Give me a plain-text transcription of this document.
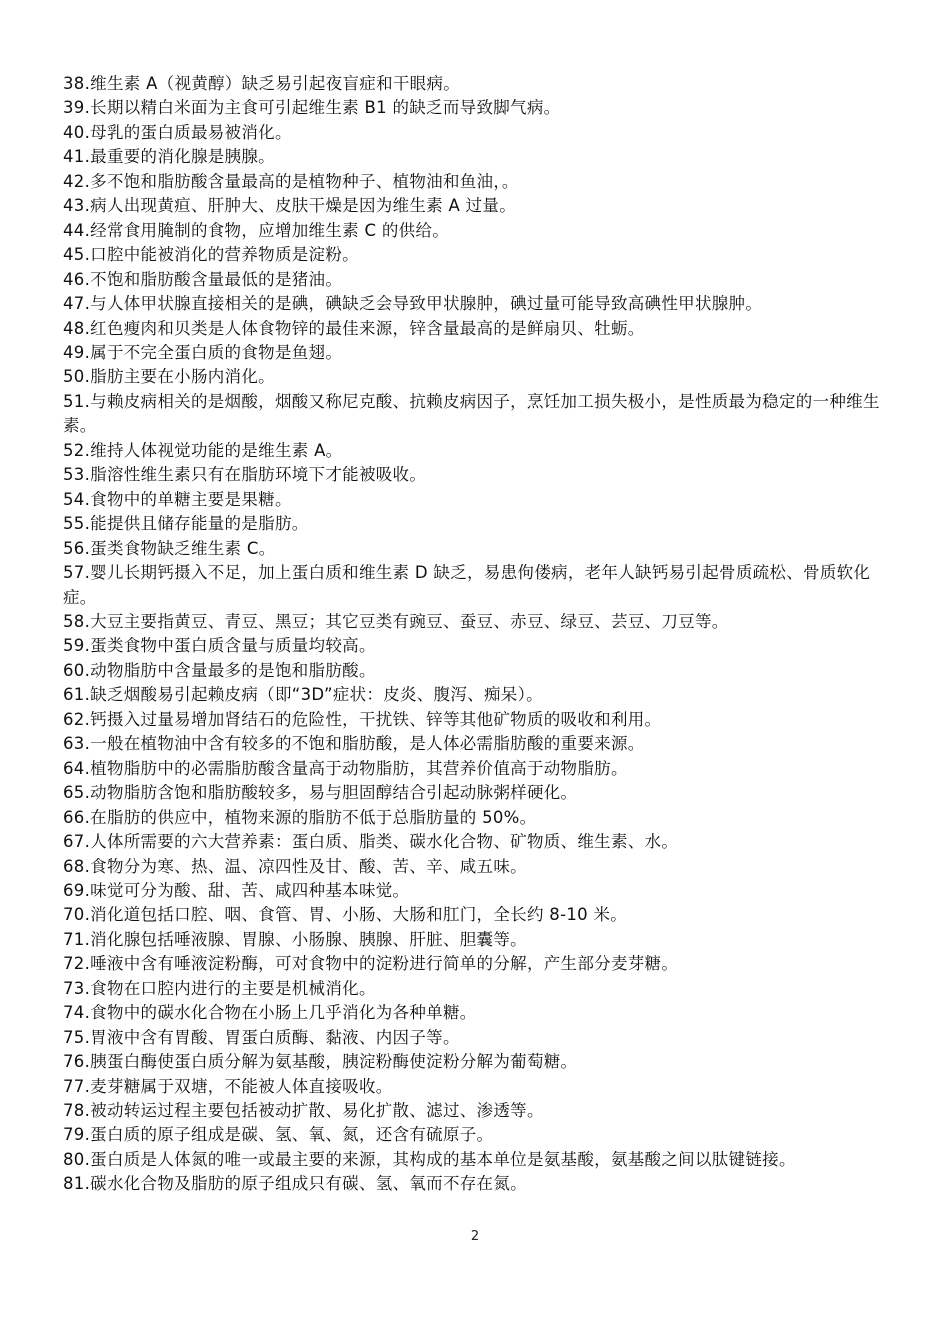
38.维生素 A（视黄醇）缺乏易引起夜盲症和干眼病。

39.长期以精白米面为主食可引起维生素 B1 的缺乏而导致脚气病。

40.母乳的蛋白质最易被消化。

41.最重要的消化腺是胰腺。

42.多不饱和脂肪酸含量最高的是植物种子、植物油和鱼油，。

43.病人出现黄疸、肝肿大、皮肤干燥是因为维生素 A 过量。

44.经常食用腌制的食物，应增加维生素 C 的供给。

45.口腔中能被消化的营养物质是淀粉。

46.不饱和脂肪酸含量最低的是猪油。

47.与人体甲状腺直接相关的是碘，碘缺乏会导致甲状腺肿，碘过量可能导致高碘性甲状腺肿。

48.红色瘦肉和贝类是人体食物锌的最佳来源，锌含量最高的是鲜扇贝、牡蛎。

49.属于不完全蛋白质的食物是鱼翅。

50.脂肪主要在小肠内消化。

51.与赖皮病相关的是烟酸，烟酸又称尼克酸、抗赖皮病因子，烹饪加工损失极小，是性质最为稳定的一种维生素。

52.维持人体视觉功能的是维生素 A。

53.脂溶性维生素只有在脂肪环境下才能被吸收。

54.食物中的单糖主要是果糖。

55.能提供且储存能量的是脂肪。

56.蛋类食物缺乏维生素 C。

57.婴儿长期钙摄入不足，加上蛋白质和维生素 D 缺乏，易患佝偻病，老年人缺钙易引起骨质疏松、骨质软化症。

58.大豆主要指黄豆、青豆、黑豆；其它豆类有豌豆、蚕豆、赤豆、绿豆、芸豆、刀豆等。

59.蛋类食物中蛋白质含量与质量均较高。

60.动物脂肪中含量最多的是饱和脂肪酸。

61.缺乏烟酸易引起赖皮病（即“3D”症状：皮炎、腹泻、痴呆）。

62.钙摄入过量易增加肾结石的危险性，干扰铁、锌等其他矿物质的吸收和利用。

63.一般在植物油中含有较多的不饱和脂肪酸，是人体必需脂肪酸的重要来源。

64.植物脂肪中的必需脂肪酸含量高于动物脂肪，其营养价值高于动物脂肪。

65.动物脂肪含饱和脂肪酸较多，易与胆固醇结合引起动脉粥样硬化。

66.在脂肪的供应中，植物来源的脂肪不低于总脂肪量的 50%。

67.人体所需要的六大营养素：蛋白质、脂类、碳水化合物、矿物质、维生素、水。

68.食物分为寒、热、温、凉四性及甘、酸、苦、辛、咸五味。

69.味觉可分为酸、甜、苦、咸四种基本味觉。

70.消化道包括口腔、咽、食管、胃、小肠、大肠和肛门，全长约 8-10 米。

71.消化腺包括唾液腺、胃腺、小肠腺、胰腺、肝脏、胆囊等。

72.唾液中含有唾液淀粉酶，可对食物中的淀粉进行简单的分解，产生部分麦芽糖。

73.食物在口腔内进行的主要是机械消化。

74.食物中的碳水化合物在小肠上几乎消化为各种单糖。

75.胃液中含有胃酸、胃蛋白质酶、黏液、内因子等。

76.胰蛋白酶使蛋白质分解为氨基酸，胰淀粉酶使淀粉分解为葡萄糖。

77.麦芽糖属于双塘，不能被人体直接吸收。

78.被动转运过程主要包括被动扩散、易化扩散、滤过、渗透等。

79.蛋白质的原子组成是碳、氢、氧、氮，还含有硫原子。

80.蛋白质是人体氮的唯一或最主要的来源，其构成的基本单位是氨基酸，氨基酸之间以肽键链接。

81.碳水化合物及脂肪的原子组成只有碳、氢、氧而不存在氮。

2
